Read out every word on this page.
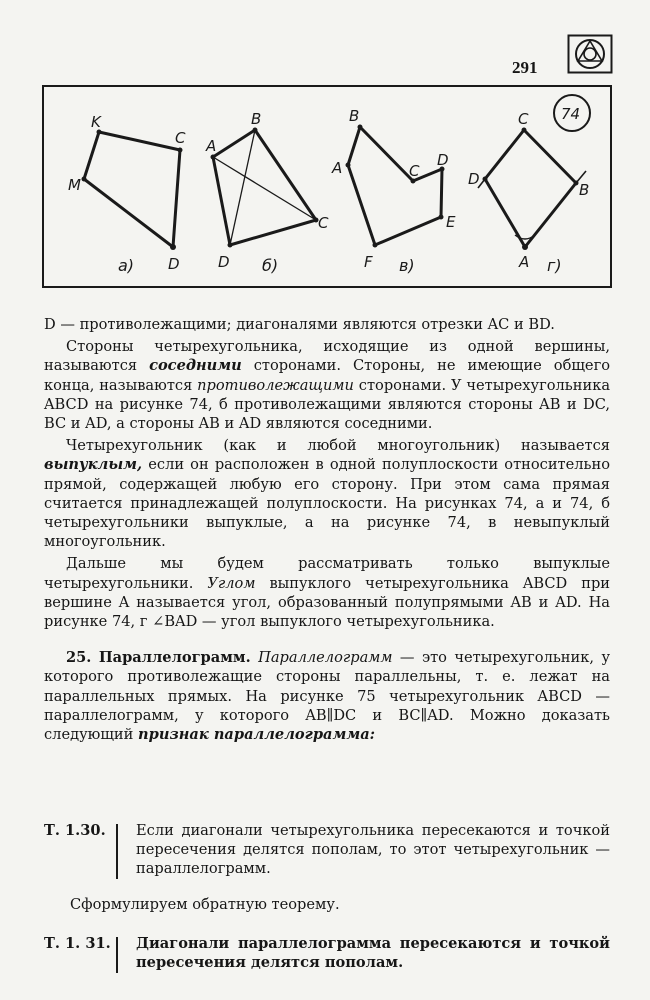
291
74
K
C
M
D
а)
A
B
C
D б)
B
A	C
D
E
F в)
C
D
B
A г)

D — противолежащими; диагоналями являются отрезки AC и BD.

Стороны четырехугольника, исходящие из одной вершины, называются соседними сторонами. Стороны, не имеющие общего конца, называются противолежащими сторонами. У четырехугольника ABCD на рисунке 74, б противолежащими являются стороны AB и DC, BC и AD, а стороны AB и AD являются соседними.

Четырехугольник (как и любой многоугольник) называется выпуклым, если он расположен в одной полуплоскости относительно прямой, содержащей любую его сторону. При этом сама прямая считается принадлежащей полуплоскости. На рисунках 74, а и 74, б четырехугольники выпуклые, а на рисунке 74, в невыпуклый многоугольник.

Дальше мы будем рассматривать только выпуклые четырехугольники. Углом выпуклого четырехугольника ABCD при вершине A называется угол, образованный полупрямыми AB и AD. На рисунке 74, г ∠BAD — угол выпуклого четырехугольника.

25. Параллелограмм. Параллелограмм — это четырехугольник, у которого противолежащие стороны параллельны, т. е. лежат на параллельных прямых. На рисунке 75 четырехугольник ABCD — параллелограмм, у которого AB∥DC и BC∥AD. Можно доказать следующий признак параллелограмма:

Т. 1.30. Если диагонали четырехугольника пересекаются и точкой пересечения делятся пополам, то этот четырехугольник — параллелограмм.
Сформулируем обратную теорему.
Т. 1. 31. Диагонали параллелограмма пересекаются и точкой пересечения делятся пополам.
